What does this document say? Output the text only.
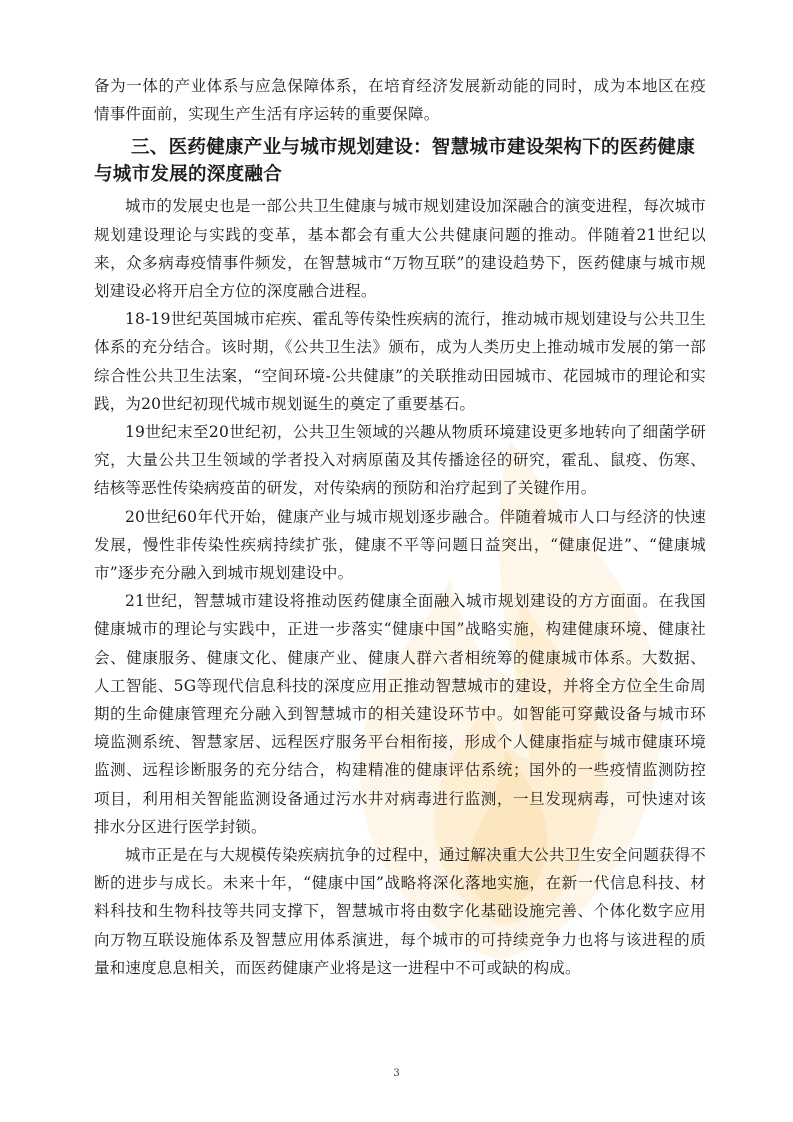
备为一体的产业体系与应急保障体系，在培育经济发展新动能的同时，成为本地区在疫情事件面前，实现生产生活有序运转的重要保障。

三、医药健康产业与城市规划建设：智慧城市建设架构下的医药健康与城市发展的深度融合

城市的发展史也是一部公共卫生健康与城市规划建设加深融合的演变进程，每次城市规划建设理论与实践的变革，基本都会有重大公共健康问题的推动。伴随着21世纪以来，众多病毒疫情事件频发，在智慧城市“万物互联”的建设趋势下，医药健康与城市规划建设必将开启全方位的深度融合进程。

18-19世纪英国城市疟疾、霍乱等传染性疾病的流行，推动城市规划建设与公共卫生体系的充分结合。该时期，《公共卫生法》颁布，成为人类历史上推动城市发展的第一部综合性公共卫生法案，“空间环境-公共健康”的关联推动田园城市、花园城市的理论和实践，为20世纪初现代城市规划诞生的奠定了重要基石。

19世纪末至20世纪初，公共卫生领域的兴趣从物质环境建设更多地转向了细菌学研究，大量公共卫生领域的学者投入对病原菌及其传播途径的研究，霍乱、鼠疫、伤寒、结核等恶性传染病疫苗的研发，对传染病的预防和治疗起到了关键作用。

20世纪60年代开始，健康产业与城市规划逐步融合。伴随着城市人口与经济的快速发展，慢性非传染性疾病持续扩张，健康不平等问题日益突出，“健康促进”、“健康城市”逐步充分融入到城市规划建设中。

21世纪，智慧城市建设将推动医药健康全面融入城市规划建设的方方面面。在我国健康城市的理论与实践中，正进一步落实“健康中国”战略实施，构建健康环境、健康社会、健康服务、健康文化、健康产业、健康人群六者相统筹的健康城市体系。大数据、人工智能、5G等现代信息科技的深度应用正推动智慧城市的建设，并将全方位全生命周期的生命健康管理充分融入到智慧城市的相关建设环节中。如智能可穿戴设备与城市环境监测系统、智慧家居、远程医疗服务平台相衔接，形成个人健康指症与城市健康环境监测、远程诊断服务的充分结合，构建精准的健康评估系统；国外的一些疫情监测防控项目，利用相关智能监测设备通过污水井对病毒进行监测，一旦发现病毒，可快速对该排水分区进行医学封锁。

城市正是在与大规模传染疾病抗争的过程中，通过解决重大公共卫生安全问题获得不断的进步与成长。未来十年，“健康中国”战略将深化落地实施，在新一代信息科技、材料科技和生物科技等共同支撑下，智慧城市将由数字化基础设施完善、个体化数字应用向万物互联设施体系及智慧应用体系演进，每个城市的可持续竞争力也将与该进程的质量和速度息息相关，而医药健康产业将是这一进程中不可或缺的构成。

3
